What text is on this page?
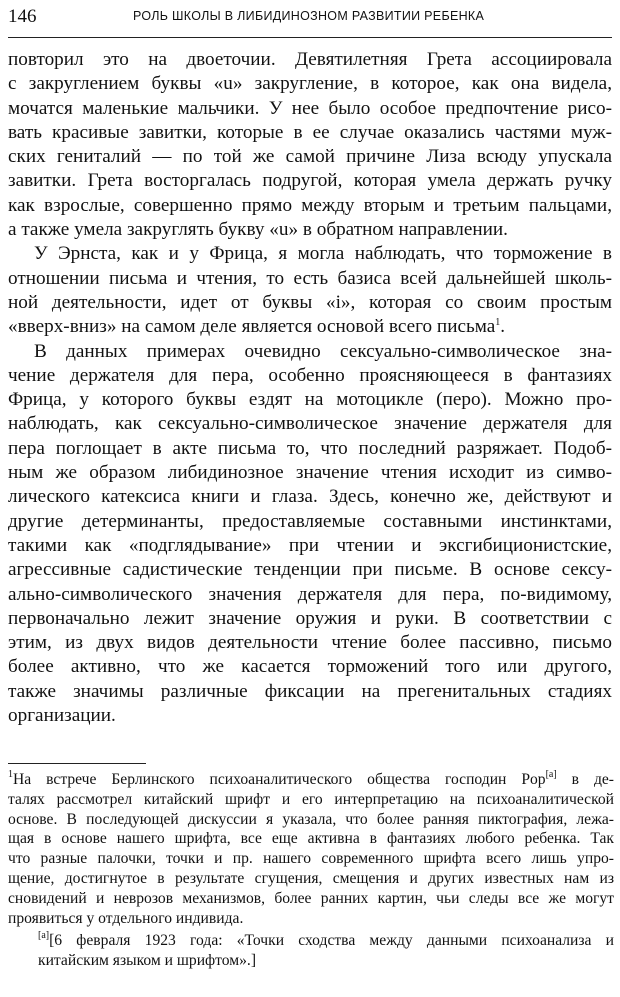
146	РОЛЬ ШКОЛЫ В ЛИБИДИНОЗНОМ РАЗВИТИИ РЕБЕНКА
повторил это на двоеточии. Девятилетняя Грета ассоциировала
с закруглением буквы «u» закругление, в которое, как она видела,
мочатся маленькие мальчики. У нее было особое предпочтение рисо-
вать красивые завитки, которые в ее случае оказались частями муж-
ских гениталий — по той же самой причине Лиза всюду упускала
завитки. Грета восторгалась подругой, которая умела держать ручку
как взрослые, совершенно прямо между вторым и третьим пальцами,
а также умела закруглять букву «u» в обратном направлении.
У Эрнста, как и у Фрица, я могла наблюдать, что торможение в
отношении письма и чтения, то есть базиса всей дальнейшей школь-
ной деятельности, идет от буквы «i», которая со своим простым
«вверх-вниз» на самом деле является основой всего письма$^1$.
В данных примерах очевидно сексуально-символическое зна-
чение держателя для пера, особенно проясняющееся в фантазиях
Фрица, у которого буквы ездят на мотоцикле (перо). Можно про-
наблюдать, как сексуально-символическое значение держателя для
пера поглощает в акте письма то, что последний разряжает. Подоб-
ным же образом либидинозное значение чтения исходит из симво-
лического катексиса книги и глаза. Здесь, конечно же, действуют и
другие детерминанты, предоставляемые составными инстинктами,
такими как «подглядывание» при чтении и эксгибиционистские,
агрессивные садистические тенденции при письме. В основе сексу-
ально-символического значения держателя для пера, по-видимому,
первоначально лежит значение оружия и руки. В соответствии с
этим, из двух видов деятельности чтение более пассивно, письмо
более активно, что же касается торможений того или другого,
также значимы различные фиксации на прегенитальных стадиях
организации.
$^1$На встрече Берлинского психоаналитического общества господин Pop[a] в де-
талях рассмотрел китайский шрифт и его интерпретацию на психоаналитической
основе. В последующей дискуссии я указала, что более ранняя пиктография, лежа-
щая в основе нашего шрифта, все еще активна в фантазиях любого ребенка. Так
что разные палочки, точки и пр. нашего современного шрифта всего лишь упро-
щение, достигнутое в результате сгущения, смещения и других известных нам из
сновидений и неврозов механизмов, более ранних картин, чьи следы все же могут
проявиться у отдельного индивида.
[a][6 февраля 1923 года: «Точки сходства между данными психоанализа и
китайским языком и шрифтом».]
